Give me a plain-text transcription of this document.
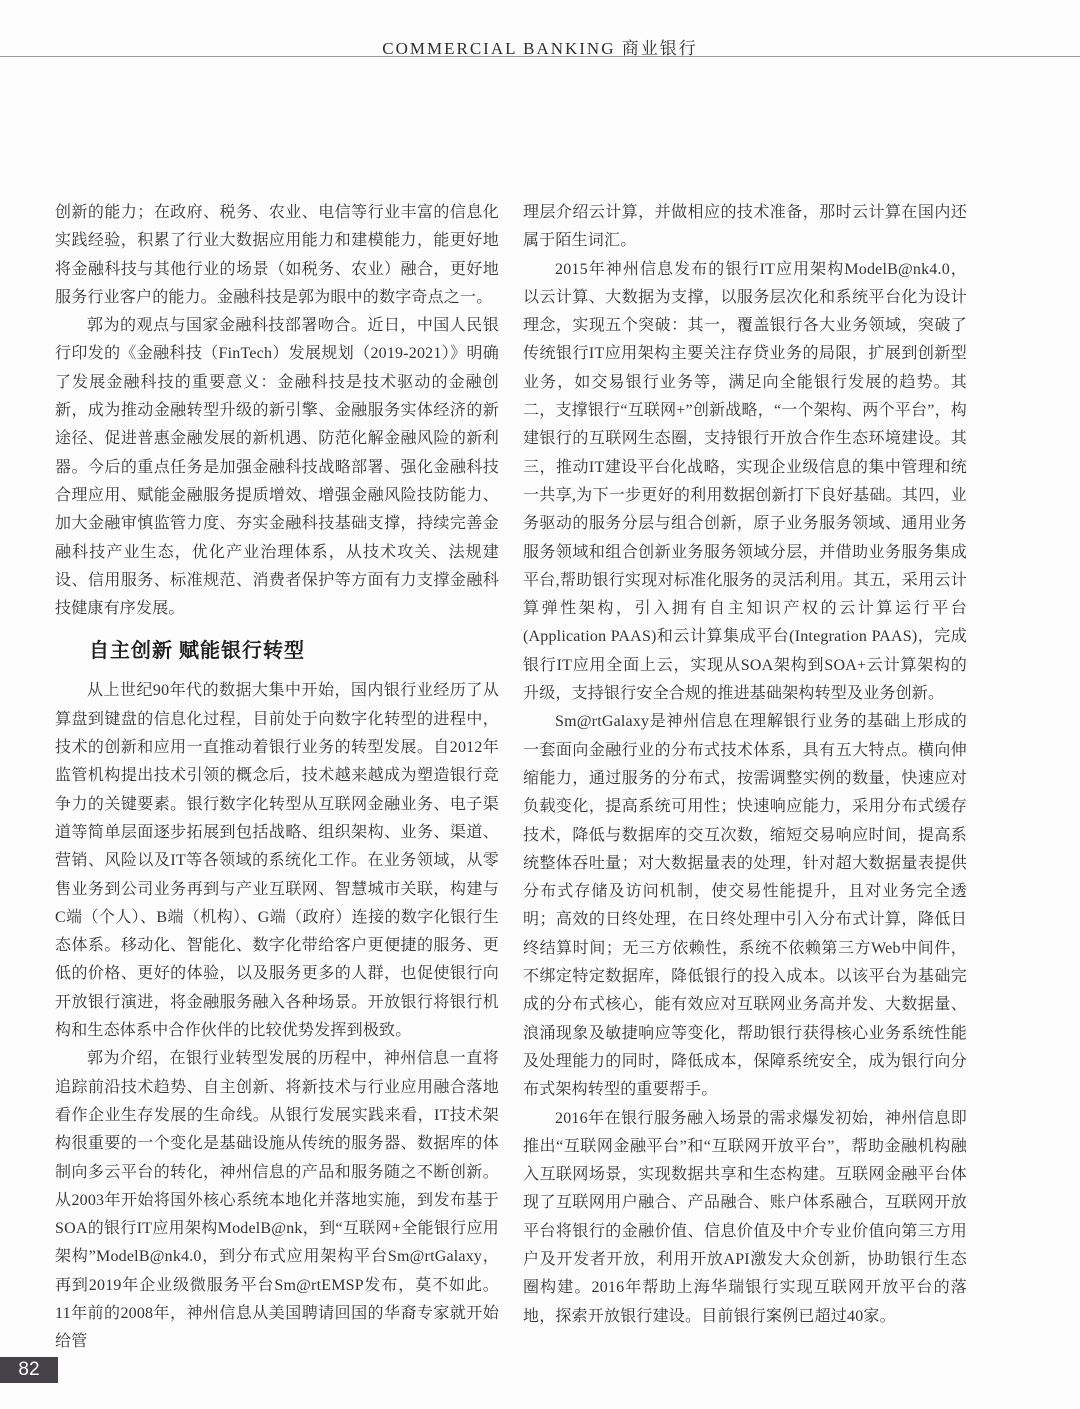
COMMERCIAL BANKING 商业银行

创新的能力；在政府、税务、农业、电信等行业丰富的信息化实践经验，积累了行业大数据应用能力和建模能力，能更好地将金融科技与其他行业的场景（如税务、农业）融合，更好地服务行业客户的能力。金融科技是郭为眼中的数字奇点之一。

郭为的观点与国家金融科技部署吻合。近日，中国人民银行印发的《金融科技（FinTech）发展规划（2019-2021）》明确了发展金融科技的重要意义：金融科技是技术驱动的金融创新，成为推动金融转型升级的新引擎、金融服务实体经济的新途径、促进普惠金融发展的新机遇、防范化解金融风险的新利器。今后的重点任务是加强金融科技战略部署、强化金融科技合理应用、赋能金融服务提质增效、增强金融风险技防能力、加大金融审慎监管力度、夯实金融科技基础支撑，持续完善金融科技产业生态，优化产业治理体系，从技术攻关、法规建设、信用服务、标准规范、消费者保护等方面有力支撑金融科技健康有序发展。

自主创新 赋能银行转型

从上世纪90年代的数据大集中开始，国内银行业经历了从算盘到键盘的信息化过程，目前处于向数字化转型的进程中，技术的创新和应用一直推动着银行业务的转型发展。自2012年监管机构提出技术引领的概念后，技术越来越成为塑造银行竞争力的关键要素。银行数字化转型从互联网金融业务、电子渠道等简单层面逐步拓展到包括战略、组织架构、业务、渠道、营销、风险以及IT等各领域的系统化工作。在业务领域，从零售业务到公司业务再到与产业互联网、智慧城市关联，构建与C端（个人）、B端（机构）、G端（政府）连接的数字化银行生态体系。移动化、智能化、数字化带给客户更便捷的服务、更低的价格、更好的体验，以及服务更多的人群，也促使银行向开放银行演进，将金融服务融入各种场景。开放银行将银行机构和生态体系中合作伙伴的比较优势发挥到极致。

郭为介绍，在银行业转型发展的历程中，神州信息一直将追踪前沿技术趋势、自主创新、将新技术与行业应用融合落地看作企业生存发展的生命线。从银行发展实践来看，IT技术架构很重要的一个变化是基础设施从传统的服务器、数据库的体制向多云平台的转化，神州信息的产品和服务随之不断创新。从2003年开始将国外核心系统本地化并落地实施，到发布基于SOA的银行IT应用架构ModelB@nk，到“互联网+全能银行应用架构”ModelB@nk4.0，到分布式应用架构平台Sm@rtGalaxy，再到2019年企业级微服务平台Sm@rtEMSP发布，莫不如此。11年前的2008年，神州信息从美国聘请回国的华裔专家就开始给管

理层介绍云计算，并做相应的技术准备，那时云计算在国内还属于陌生词汇。

2015年神州信息发布的银行IT应用架构ModelB@nk4.0，以云计算、大数据为支撑，以服务层次化和系统平台化为设计理念，实现五个突破：其一，覆盖银行各大业务领域，突破了传统银行IT应用架构主要关注存贷业务的局限，扩展到创新型业务，如交易银行业务等，满足向全能银行发展的趋势。其二，支撑银行“互联网+”创新战略，“一个架构、两个平台”，构建银行的互联网生态圈，支持银行开放合作生态环境建设。其三，推动IT建设平台化战略，实现企业级信息的集中管理和统一共享,为下一步更好的利用数据创新打下良好基础。其四，业务驱动的服务分层与组合创新，原子业务服务领域、通用业务服务领域和组合创新业务服务领域分层，并借助业务服务集成平台,帮助银行实现对标准化服务的灵活利用。其五，采用云计算弹性架构，引入拥有自主知识产权的云计算运行平台(Application PAAS)和云计算集成平台(Integration PAAS)，完成银行IT应用全面上云，实现从SOA架构到SOA+云计算架构的升级，支持银行安全合规的推进基础架构转型及业务创新。

Sm@rtGalaxy是神州信息在理解银行业务的基础上形成的一套面向金融行业的分布式技术体系，具有五大特点。横向伸缩能力，通过服务的分布式，按需调整实例的数量，快速应对负载变化，提高系统可用性；快速响应能力，采用分布式缓存技术，降低与数据库的交互次数，缩短交易响应时间，提高系统整体吞吐量；对大数据量表的处理，针对超大数据量表提供分布式存储及访问机制，使交易性能提升，且对业务完全透明；高效的日终处理，在日终处理中引入分布式计算，降低日终结算时间；无三方依赖性，系统不依赖第三方Web中间件，不绑定特定数据库，降低银行的投入成本。以该平台为基础完成的分布式核心，能有效应对互联网业务高并发、大数据量、浪涌现象及敏捷响应等变化，帮助银行获得核心业务系统性能及处理能力的同时，降低成本，保障系统安全，成为银行向分布式架构转型的重要帮手。

2016年在银行服务融入场景的需求爆发初始，神州信息即推出“互联网金融平台”和“互联网开放平台”，帮助金融机构融入互联网场景，实现数据共享和生态构建。互联网金融平台体现了互联网用户融合、产品融合、账户体系融合，互联网开放平台将银行的金融价值、信息价值及中介专业价值向第三方用户及开发者开放，利用开放API激发大众创新，协助银行生态圈构建。2016年帮助上海华瑞银行实现互联网开放平台的落地，探索开放银行建设。目前银行案例已超过40家。

82
